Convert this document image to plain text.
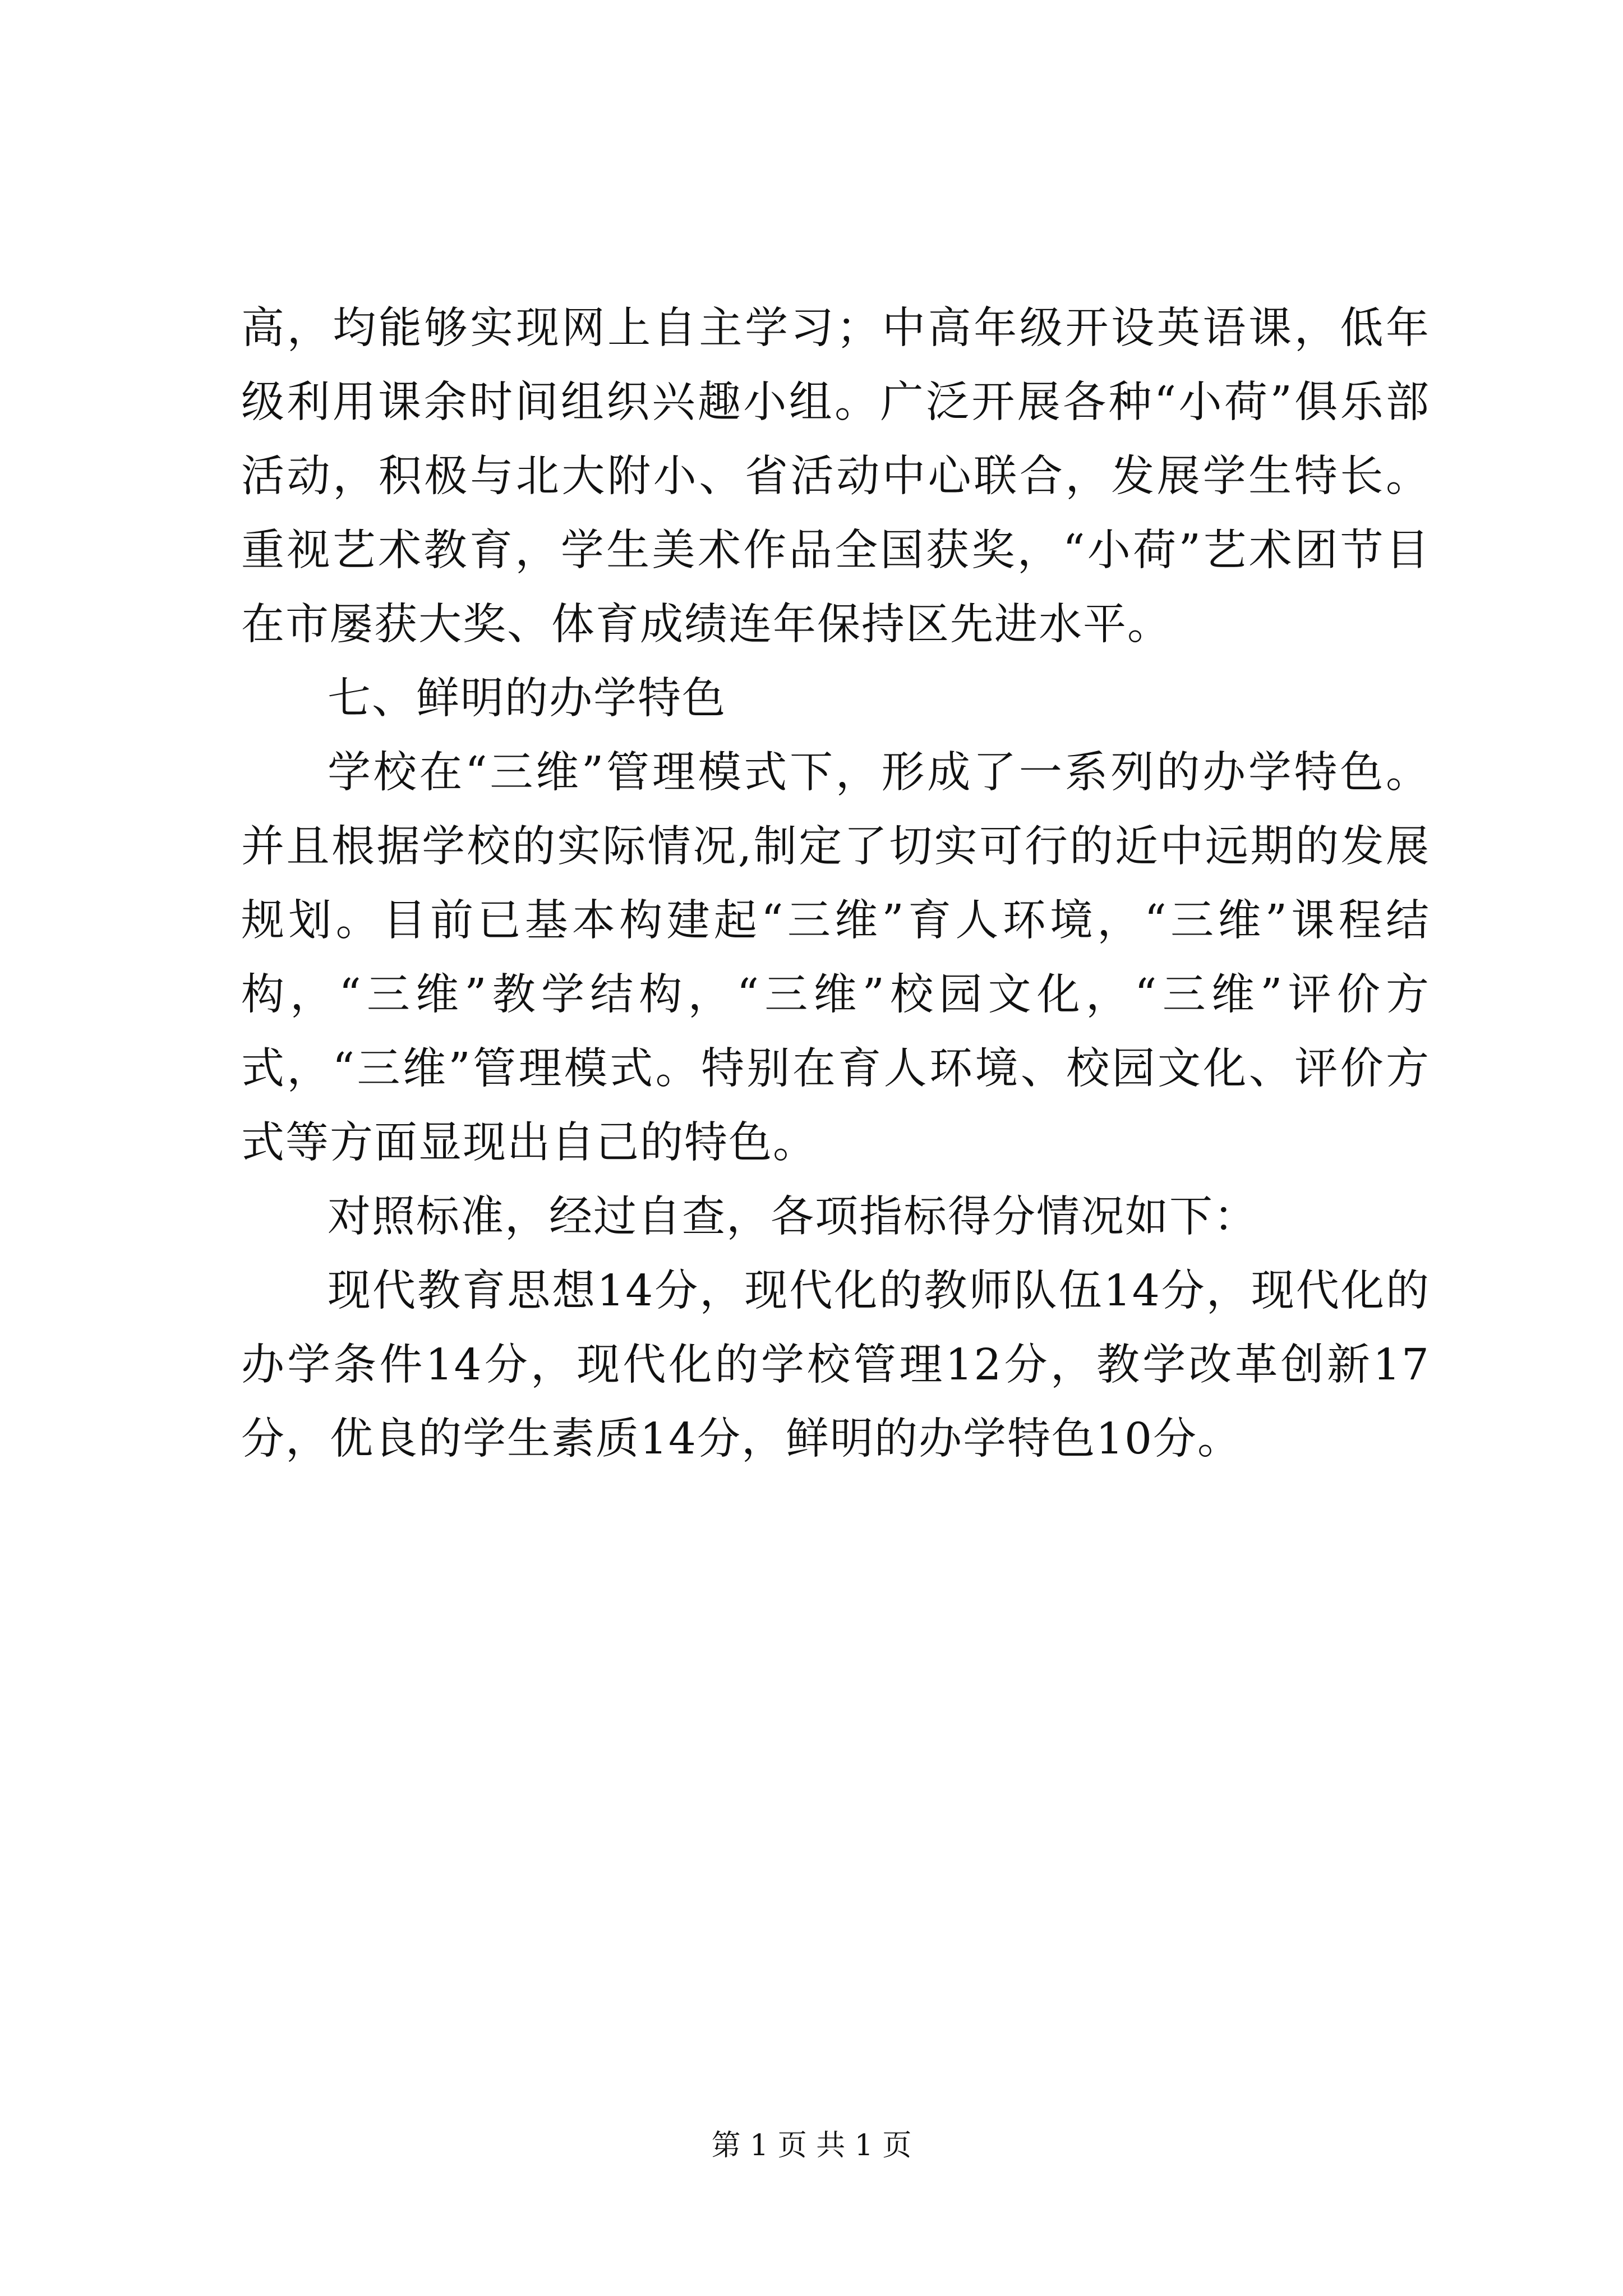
高，均能够实现网上自主学习；中高年级开设英语课，低年级利用课余时间组织兴趣小组。广泛开展各种“小荷”俱乐部活动，积极与北大附小、省活动中心联合，发展学生特长。重视艺术教育，学生美术作品全国获奖，“小荷”艺术团节目在市屡获大奖、体育成绩连年保持区先进水平。

七、鲜明的办学特色

学校在“三维”管理模式下，形成了一系列的办学特色。并且根据学校的实际情况,制定了切实可行的近中远期的发展规划。目前已基本构建起“三维”育人环境，“三维”课程结构，“三维”教学结构，“三维”校园文化，“三维”评价方式，“三维”管理模式。特别在育人环境、校园文化、评价方式等方面显现出自己的特色。

对照标准，经过自查，各项指标得分情况如下：

现代教育思想14分，现代化的教师队伍14分，现代化的办学条件14分，现代化的学校管理12分，教学改革创新17分，优良的学生素质14分，鲜明的办学特色10分。

第 1 页 共 1 页
